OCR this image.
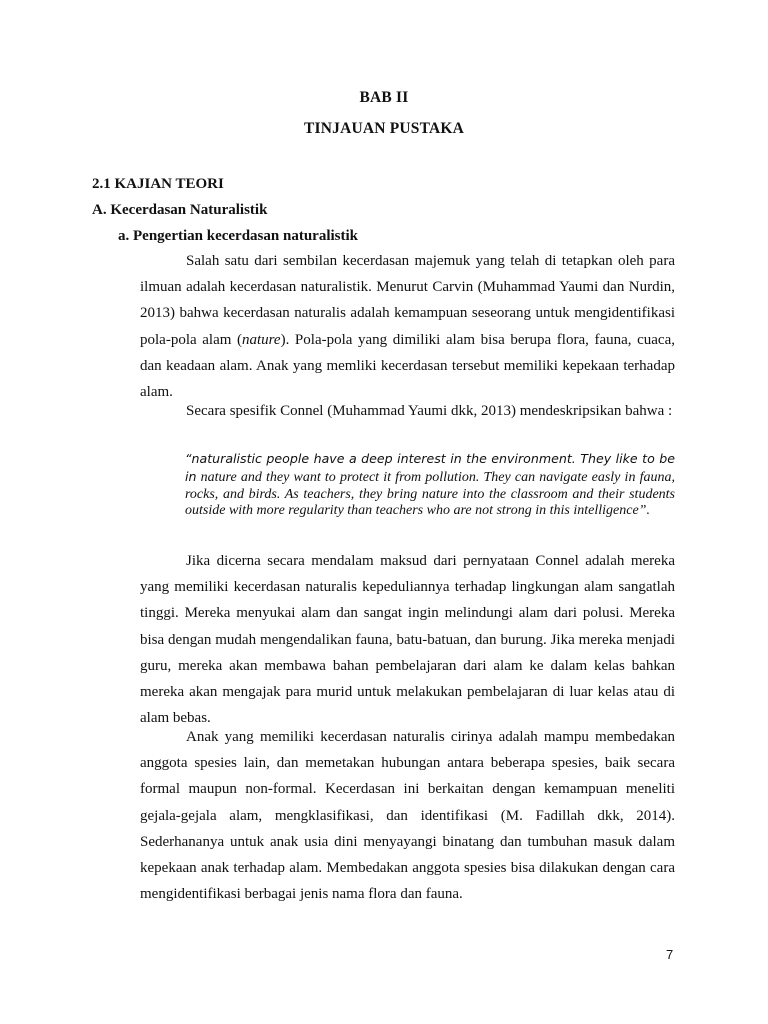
BAB II
TINJAUAN PUSTAKA
2.1 KAJIAN TEORI
A. Kecerdasan Naturalistik
a. Pengertian kecerdasan naturalistik

Salah satu dari sembilan kecerdasan majemuk yang telah di tetapkan oleh para ilmuan adalah kecerdasan naturalistik. Menurut Carvin (Muhammad Yaumi dan Nurdin, 2013) bahwa kecerdasan naturalis adalah kemampuan seseorang untuk mengidentifikasi pola-pola alam (nature). Pola-pola yang dimiliki alam bisa berupa flora, fauna, cuaca, dan keadaan alam. Anak yang memliki kecerdasan tersebut memiliki kepekaan terhadap alam.

Secara spesifik Connel (Muhammad Yaumi dkk, 2013) mendeskripsikan bahwa :

“naturalistic people have a deep interest in the environment. They like to be in nature and they want to protect it from pollution. They can navigate easly in fauna, rocks, and birds. As teachers, they bring nature into the classroom and their students outside with more regularity than teachers who are not strong in this intelligence”.

Jika dicerna secara mendalam maksud dari pernyataan Connel adalah mereka yang memiliki kecerdasan naturalis kepeduliannya terhadap lingkungan alam sangatlah tinggi. Mereka menyukai alam dan sangat ingin melindungi alam dari polusi. Mereka bisa dengan mudah mengendalikan fauna, batu-batuan, dan burung. Jika mereka menjadi guru, mereka akan membawa bahan pembelajaran dari alam ke dalam kelas bahkan mereka akan mengajak para murid untuk melakukan pembelajaran di luar kelas atau di alam bebas.

Anak yang memiliki kecerdasan naturalis cirinya adalah mampu membedakan anggota spesies lain, dan memetakan hubungan antara beberapa spesies, baik secara formal maupun non-formal. Kecerdasan ini berkaitan dengan kemampuan meneliti gejala-gejala alam, mengklasifikasi, dan identifikasi (M. Fadillah dkk, 2014). Sederhananya untuk anak usia dini menyayangi binatang dan tumbuhan masuk dalam kepekaan anak terhadap alam. Membedakan anggota spesies bisa dilakukan dengan cara mengidentifikasi berbagai jenis nama flora dan fauna.

7
